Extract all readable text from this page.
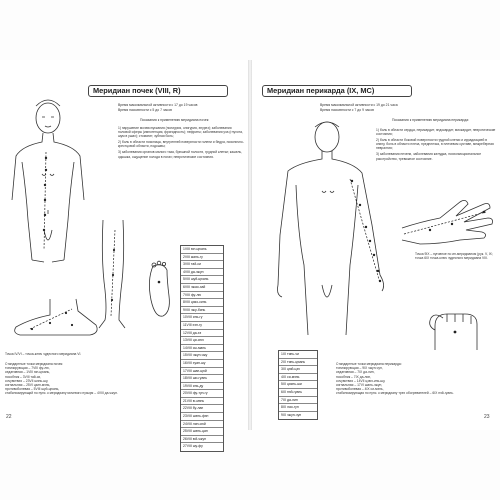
Меридиан почек (VIII, R)
Время максимальной активности с 17 до 19 часов
Время пассивности с 5 до 7 часов
Показания к применению меридиана почек:

1) нарушение мочеиспускания (полиурия, олигурия, энурез); заболевания половой сферы (импотенция, фригидность); нефриты; заболевания уха (глухота, шум в ушах); стоматит, зубная боль;

2) боль в области поясницы, внутренней поверхности голени и бедра, пояснично-крестцовой области, подошвы;

3) заболевания органов малого таза, брюшной полости, грудной клетки; кашель, одышка, ощущение холода в ногах; невротические состояния.

Точка IV/VI – точка-ключ чудесного меридиана VI.
1VIII юн-цюань
2VIII жань-гу
3VIII тай-си
4VIII да-чжун
5VIII шуй-цюань
6VIII чжао-хай
7VIII фу-лю
8VIII цзяо-синь
9VIII чжу-бинь
10VIII инь-гу
11VIII хэн-гу
12VIII да-хэ
13VIII ци-сюэ
14VIII сы-мань
15VIII чжун-чжу
16VIII хуан-шу
17VIII шан-цюй
18VIII ши-гуань
19VIII инь-ду
20VIII фу-тун-гу
21VIII ю-мэнь
22VIII бу-лан
23VIII шэнь-фэн
24VIII лин-сюй
25VIII шэнь-цан
26VIII юй-чжун
27VIII шу-фу
Стандартные точки меридиана почек:
тонизирующая – 7VIII фу-лю,
седативная – 1VIII юн-цюань,
пособник – 3VIII тай-си,
сочувствия – 23VII шэнь-шу,
сигнальная – 25VI цзин-мэнь,
противоболевая – 5VIII шуй-цюань,
стабилизирующий по пунс. к меридиану мочевого пузыря – 4VIII да-чжун.
22
Меридиан перикарда (IX, MC)
Время максимальной активности с 19 до 21 часа
Время пассивности с 7 до 9 часов
Показания к применению меридиана перикарда:

1) боль в области сердца, перикардит, эндокардит, миокардит, невротические состояния;

2) боль в области боковой поверхности грудной клетки и иррадиацией в спину, боль в области плеча, предплечья, в плечевом суставе, межреберная невралгия;

3) заболевания печени, заболевания желудка, психоэмоциональное расстройство, тревожное состояние.

Точка 9IX – пуговное по ин-меридианом (рук. V, IX; точка 6IX точка-ключ чудесного меридиана VIII.
1IX тянь-чи
2IX тянь-цюань
3IX цюй-цзэ
4IX си-мэнь
5IX цзянь-ши
6IX нэй-гуань
7IX да-лин
8IX лао-гун
9IX чжун-чун
Стандартные точки меридиана перикарда:
тонизирующая – 9IX чжун-чун,
седативная – 7IX да-лин,
пособник – 7IX да-лин,
сочувствия – 14VII цзюэ-инь-шу,
сигнальная – 17VI шань-чжун,
противоболевая – 4IX си-мэнь,
стабилизирующая по пунс. к меридиану трех обогревателей – 6IX нэй-гуань.
23
